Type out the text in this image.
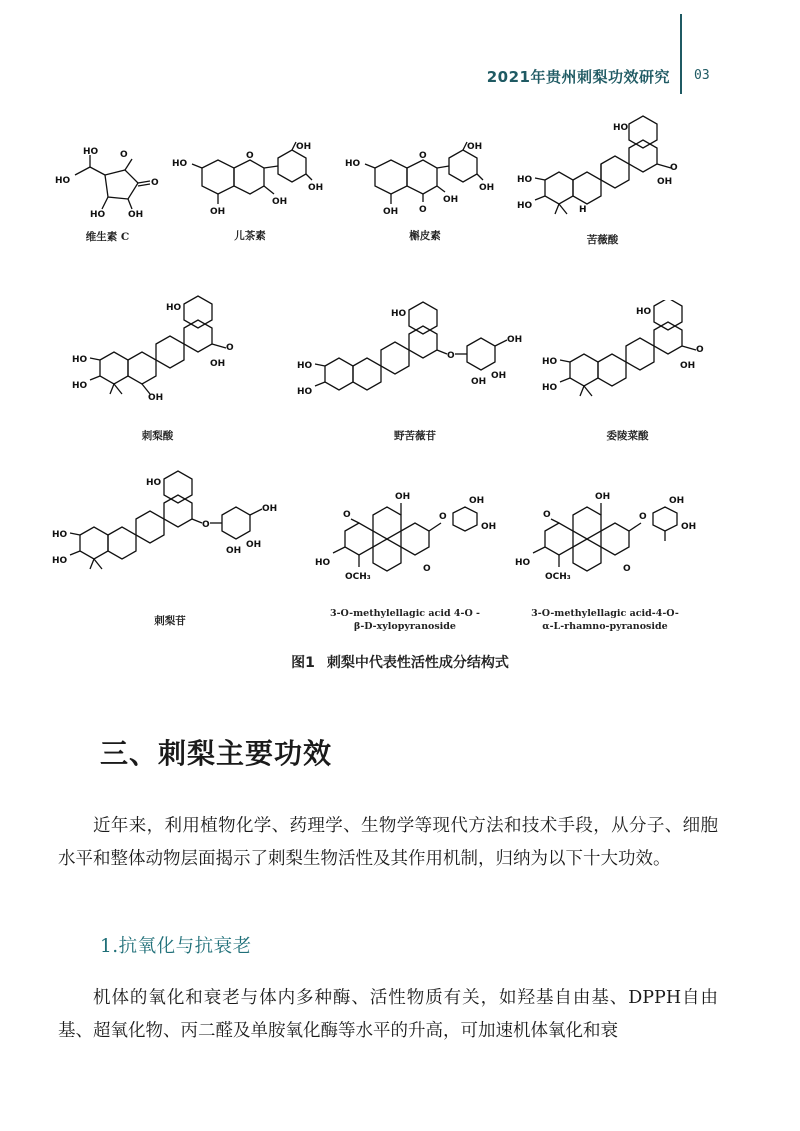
2021年贵州刺梨功效研究 03
O
O
HO	OH
HO
HO
维生素 C
O
HO
OH
OH
OH
OH
儿茶素
O
O
HO
OH
OH
OH
OH
槲皮素
O
OH
HO
HO
HO	H
苦薇酸
O
OH
HO
HO
HO
OH
刺梨酸
O
OH
OH
OH
HO
HO
HO
野苦薇苷
O
OH
HO
HO
HO
委陵菜酸
O
OH
OH
OH
HO
HO
HO
刺梨苷
O
O
OH
O
OH
OH
HO
OCH₃
3-O-methylellagic acid 4-O -
β-D-xylopyranoside
O
O
OH
O
OH
OH
HO
OCH₃
3-O-methylellagic acid-4-O-
α-L-rhamno-pyranoside
图1 刺梨中代表性活性成分结构式
三、刺梨主要功效
近年来，利用植物化学、药理学、生物学等现代方法和技术手段，从分子、细胞水平和整体动物层面揭示了刺梨生物活性及其作用机制，归纳为以下十大功效。
1.抗氧化与抗衰老
机体的氧化和衰老与体内多种酶、活性物质有关，如羟基自由基、DPPH自由基、超氧化物、丙二醛及单胺氧化酶等水平的升高，可加速机体氧化和衰
